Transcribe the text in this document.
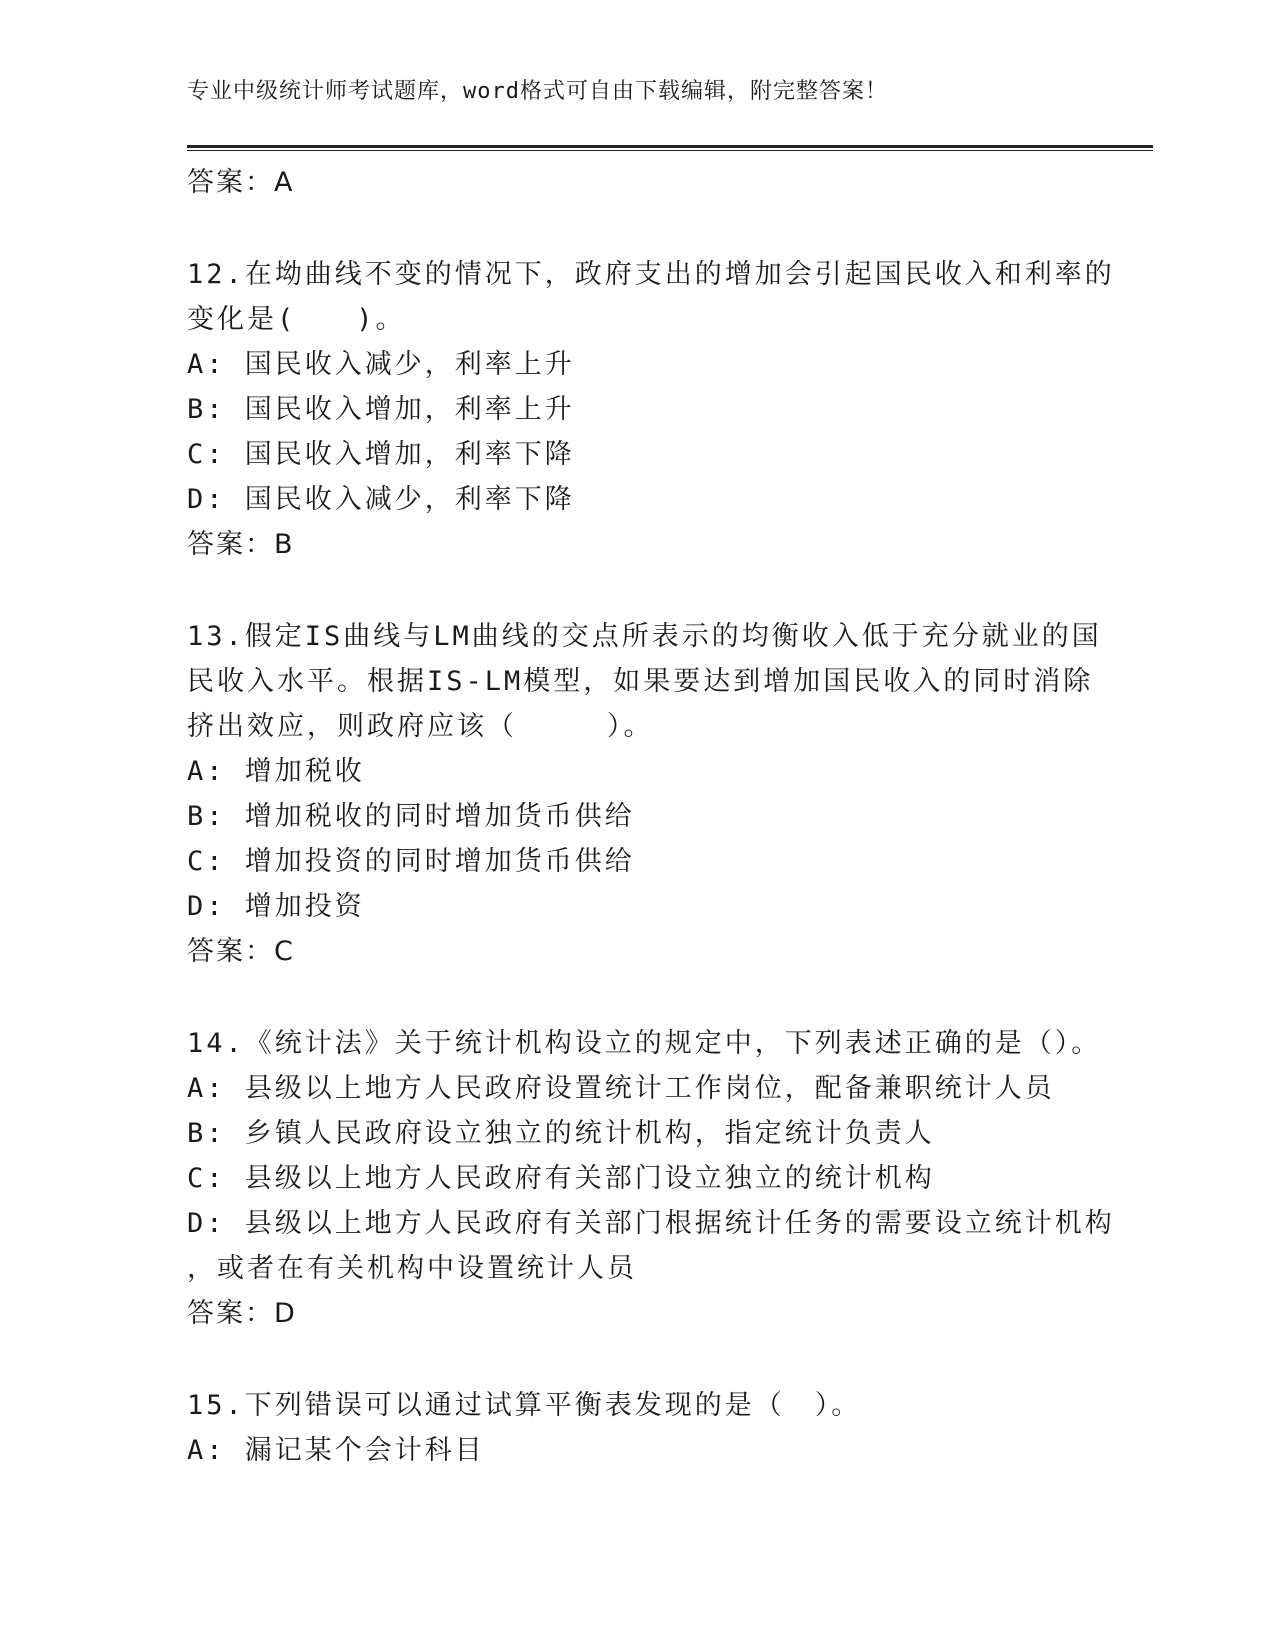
专业中级统计师考试题库，word格式可自由下载编辑，附完整答案！
答案：A
12.在坳曲线不变的情况下，政府支出的增加会引起国民收入和利率的
变化是(　　)。
A: 国民收入减少，利率上升
B: 国民收入增加，利率上升
C: 国民收入增加，利率下降
D: 国民收入减少，利率下降
答案：B
13.假定IS曲线与LM曲线的交点所表示的均衡收入低于充分就业的国
民收入水平。根据IS-LM模型，如果要达到增加国民收入的同时消除
挤出效应，则政府应该（　　　）。
A: 增加税收
B: 增加税收的同时增加货币供给
C: 增加投资的同时增加货币供给
D: 增加投资
答案：C
14.《统计法》关于统计机构设立的规定中，下列表述正确的是（）。
A: 县级以上地方人民政府设置统计工作岗位，配备兼职统计人员
B: 乡镇人民政府设立独立的统计机构，指定统计负责人
C: 县级以上地方人民政府有关部门设立独立的统计机构
D: 县级以上地方人民政府有关部门根据统计任务的需要设立统计机构
，或者在有关机构中设置统计人员
答案：D
15.下列错误可以通过试算平衡表发现的是（　）。
A: 漏记某个会计科目
